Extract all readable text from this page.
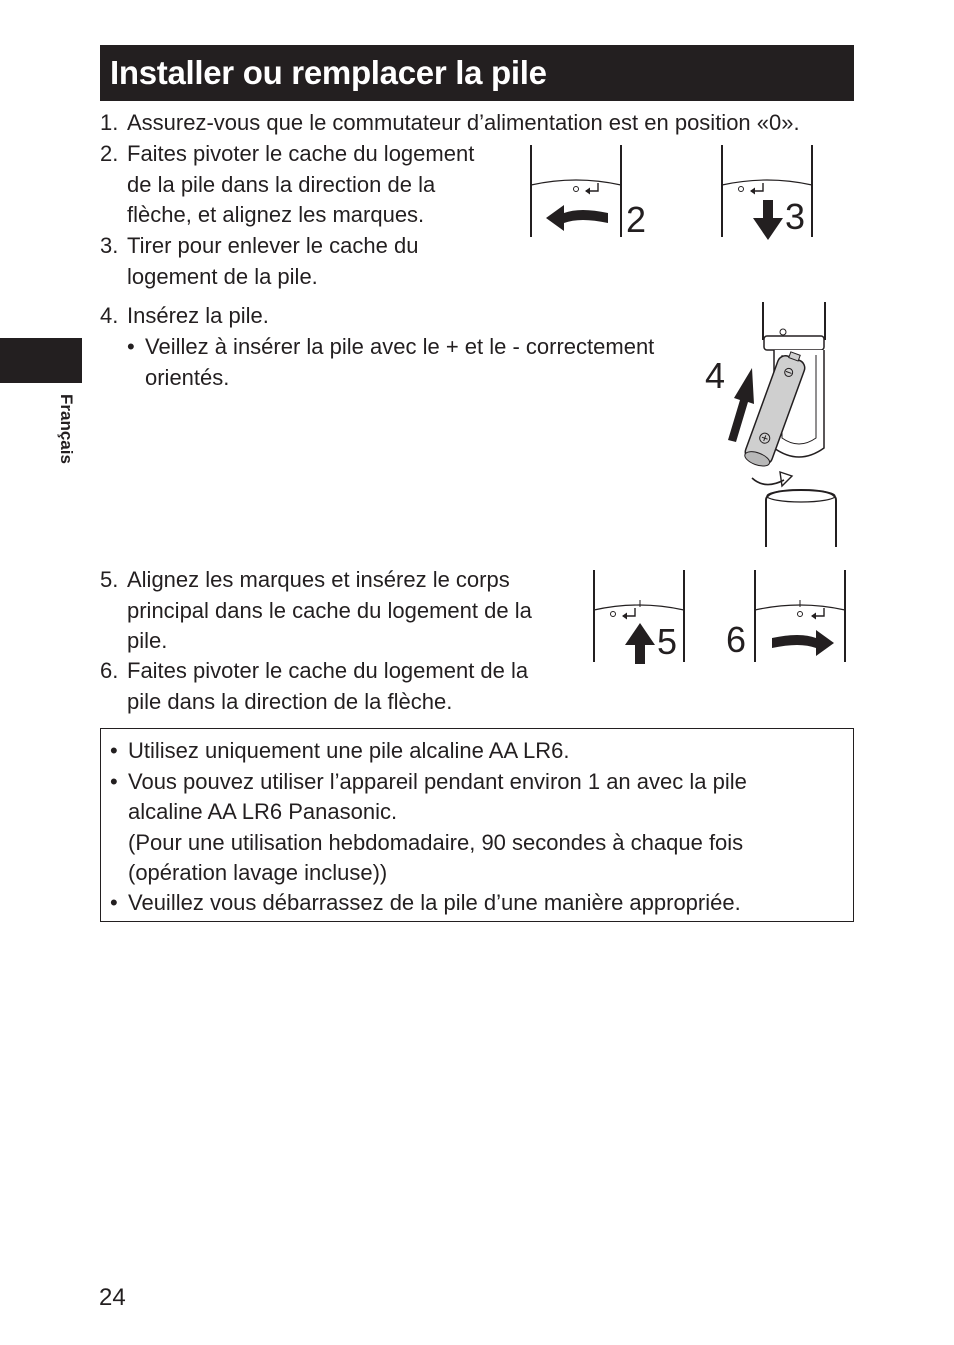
Installer ou remplacer la pile
Français
1. Assurez-vous que le commutateur d’alimentation est en position «0».
2. Faites pivoter le cache du logement
de la pile dans la direction de la
flèche, et alignez les marques.
3. Tirer pour enlever le cache du
logement de la pile.
4. Insérez la pile.
• Veillez à insérer la pile avec le + et le - correctement
orientés.
5. Alignez les marques et insérez le corps
principal dans le cache du logement de la
pile.
6. Faites pivoter le cache du logement de la
pile dans la direction de la flèche.
2	3
4
5 6
• Utilisez uniquement une pile alcaline AA LR6.
• Vous pouvez utiliser l’appareil pendant environ 1 an avec la pile
alcaline AA LR6 Panasonic.
(Pour une utilisation hebdomadaire, 90 secondes à chaque fois
(opération lavage incluse))
• Veuillez vous débarrassez de la pile d’une manière appropriée.
24
